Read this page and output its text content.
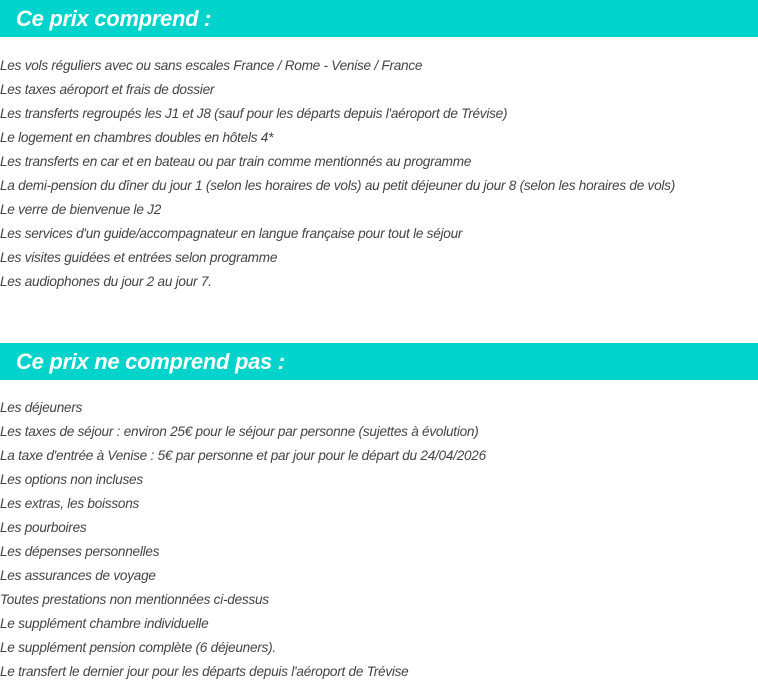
Ce prix comprend :
Les vols réguliers avec ou sans escales France / Rome - Venise / France
Les taxes aéroport et frais de dossier
Les transferts regroupés les J1 et J8 (sauf pour les départs depuis l'aéroport de Trévise)
Le logement en chambres doubles en hôtels 4*
Les transferts en car et en bateau ou par train comme mentionnés au programme
La demi-pension du dîner du jour 1 (selon les horaires de vols) au petit déjeuner du jour 8 (selon les horaires de vols)
Le verre de bienvenue le J2
Les services d'un guide/accompagnateur en langue française pour tout le séjour
Les visites guidées et entrées selon programme
Les audiophones du jour 2 au jour 7.
Ce prix ne comprend pas :
Les déjeuners
Les taxes de séjour : environ 25€ pour le séjour par personne (sujettes à évolution)
La taxe d'entrée à Venise : 5€ par personne et par jour pour le départ du 24/04/2026
Les options non incluses
Les extras, les boissons
Les pourboires
Les dépenses personnelles
Les assurances de voyage
Toutes prestations non mentionnées ci-dessus
Le supplément chambre individuelle
Le supplément pension complète (6 déjeuners).
Le transfert le dernier jour pour les départs depuis l'aéroport de Trévise
